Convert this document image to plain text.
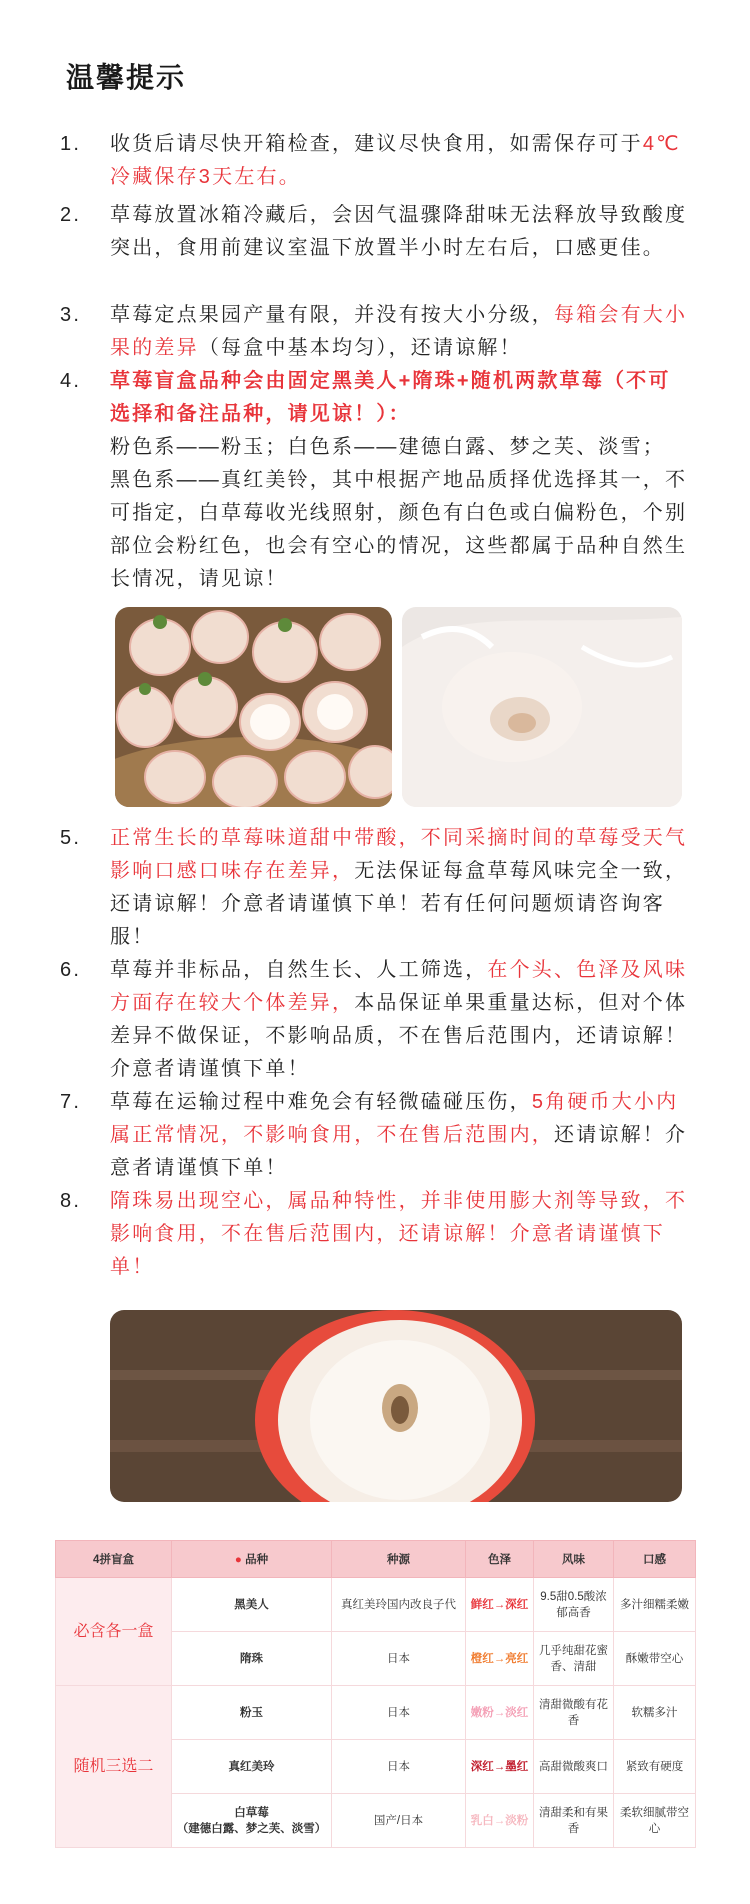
温馨提示
1.	收货后请尽快开箱检查，建议尽快食用，如需保存可于4℃冷藏保存3天左右。
2.	草莓放置冰箱冷藏后，会因气温骤降甜味无法释放导致酸度突出，食用前建议室温下放置半小时左右后，口感更佳。
3.	草莓定点果园产量有限，并没有按大小分级，每箱会有大小果的差异（每盒中基本均匀），还请谅解！
4.	草莓盲盒品种会由固定黑美人+隋珠+随机两款草莓（不可选择和备注品种，请见谅！）：
粉色系——粉玉；白色系——建德白露、梦之芙、淡雪；
黑色系——真红美铃，其中根据产地品质择优选择其一，不可指定，白草莓收光线照射，颜色有白色或白偏粉色，个别部位会粉红色，也会有空心的情况，这些都属于品种自然生长情况，请见谅！
5.	正常生长的草莓味道甜中带酸，不同采摘时间的草莓受天气影响口感口味存在差异，无法保证每盒草莓风味完全一致，还请谅解！介意者请谨慎下单！若有任何问题烦请咨询客服！
6.	草莓并非标品，自然生长、人工筛选，在个头、色泽及风味方面存在较大个体差异，本品保证单果重量达标，但对个体差异不做保证，不影响品质，不在售后范围内，还请谅解！介意者请谨慎下单！
7.	草莓在运输过程中难免会有轻微磕碰压伤，5角硬币大小内属正常情况，不影响食用，不在售后范围内，还请谅解！介意者请谨慎下单！
8.	隋珠易出现空心，属品种特性，并非使用膨大剂等导致，不影响食用，不在售后范围内，还请谅解！介意者请谨慎下单！
4拼盲盒	● 品种	种源	色泽	风味	口感
必含各一盒	黑美人	真红美玲国内改良子代	鲜红→深红	9.5甜0.5酸浓郁高香	多汁细糯柔嫩
	隋珠	日本	橙红→亮红	几乎纯甜花蜜香、清甜	酥嫩带空心
随机三选二	粉玉	日本	嫩粉→淡红	清甜微酸有花香	软糯多汁
	真红美玲	日本	深红→墨红	高甜微酸爽口	紧致有硬度

	白草莓
（建德白露、梦之芙、淡雪）	国产/日本	乳白→淡粉	清甜柔和有果香	柔软细腻带空心
